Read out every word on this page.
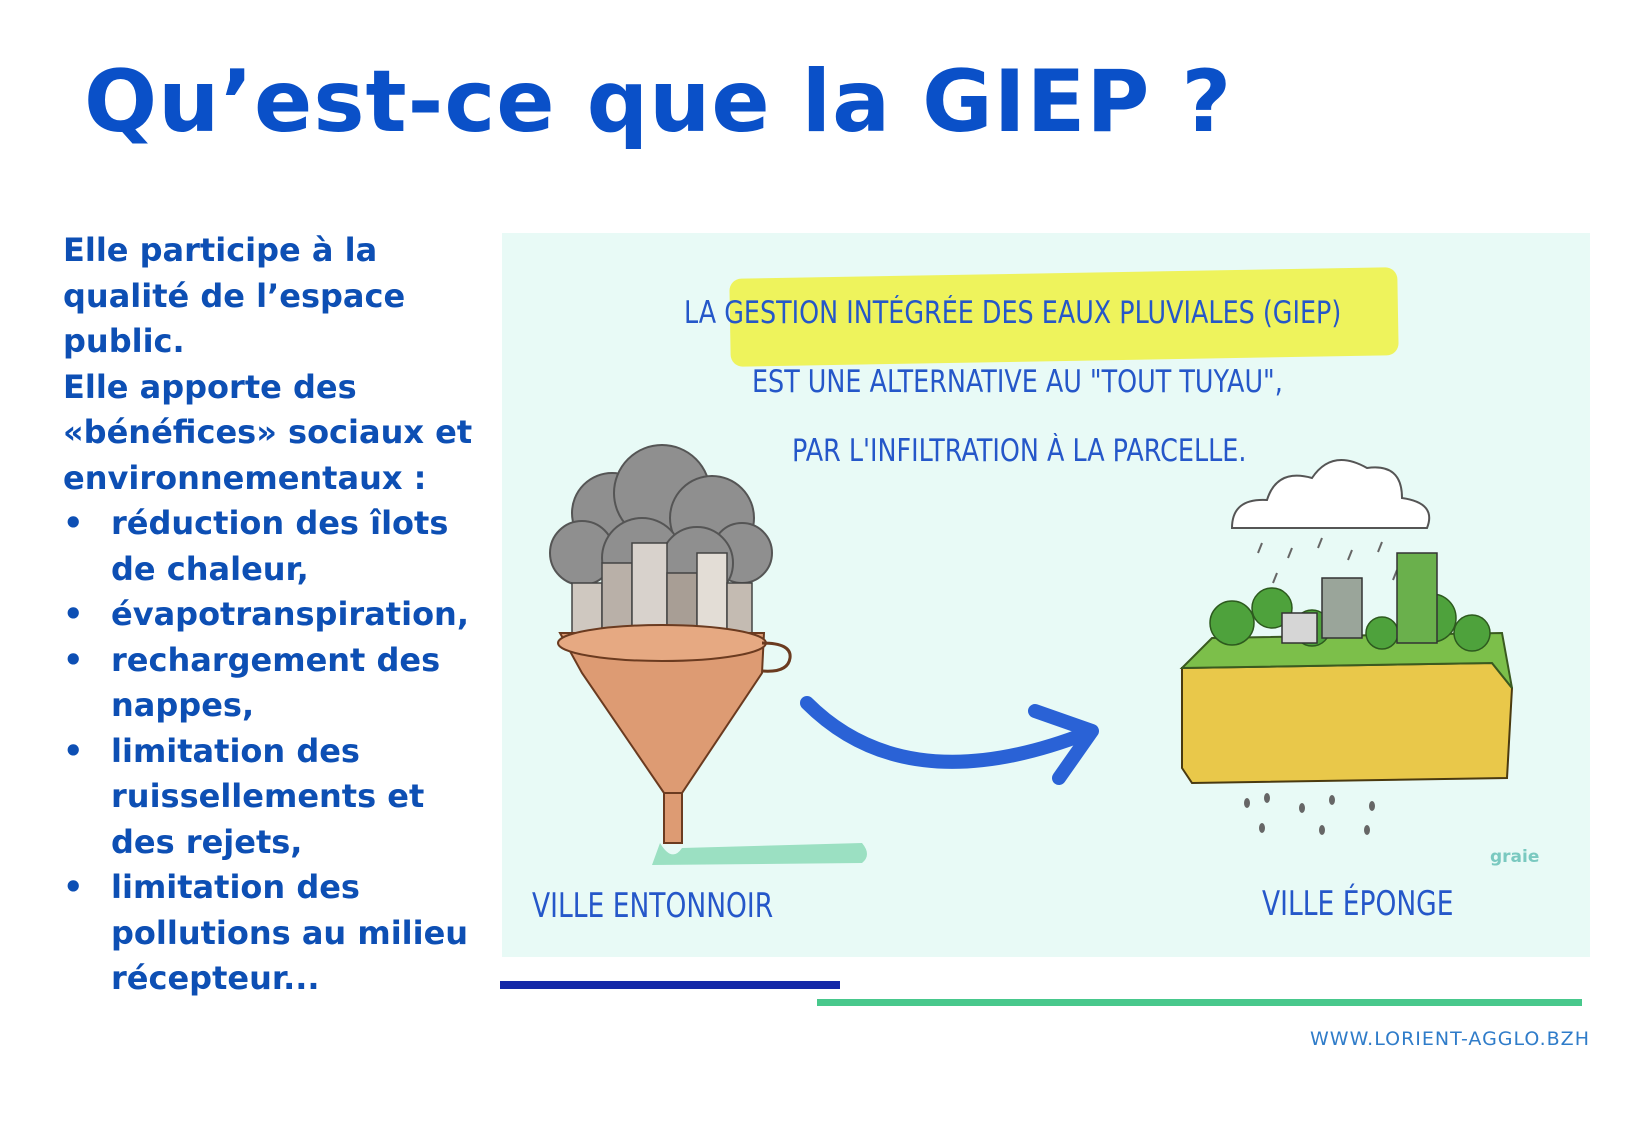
Qu’est-ce que la GIEP ?

Elle participe à la qualité de l’espace public.

Elle apporte des «bénéfices» sociaux et environnementaux :

• réduction des îlots de chaleur,
• évapotranspiration,
• rechargement des nappes,
• limitation des ruissellements et des rejets,
• limitation des pollutions au milieu récepteur...
LA GESTION INTÉGRÉE DES EAUX PLUVIALES (GIEP)
EST UNE ALTERNATIVE AU "TOUT TUYAU",
PAR L'INFILTRATION À LA PARCELLE.
VILLE ENTONNOIR	VILLE ÉPONGE
graie
WWW.LORIENT-AGGLO.BZH
